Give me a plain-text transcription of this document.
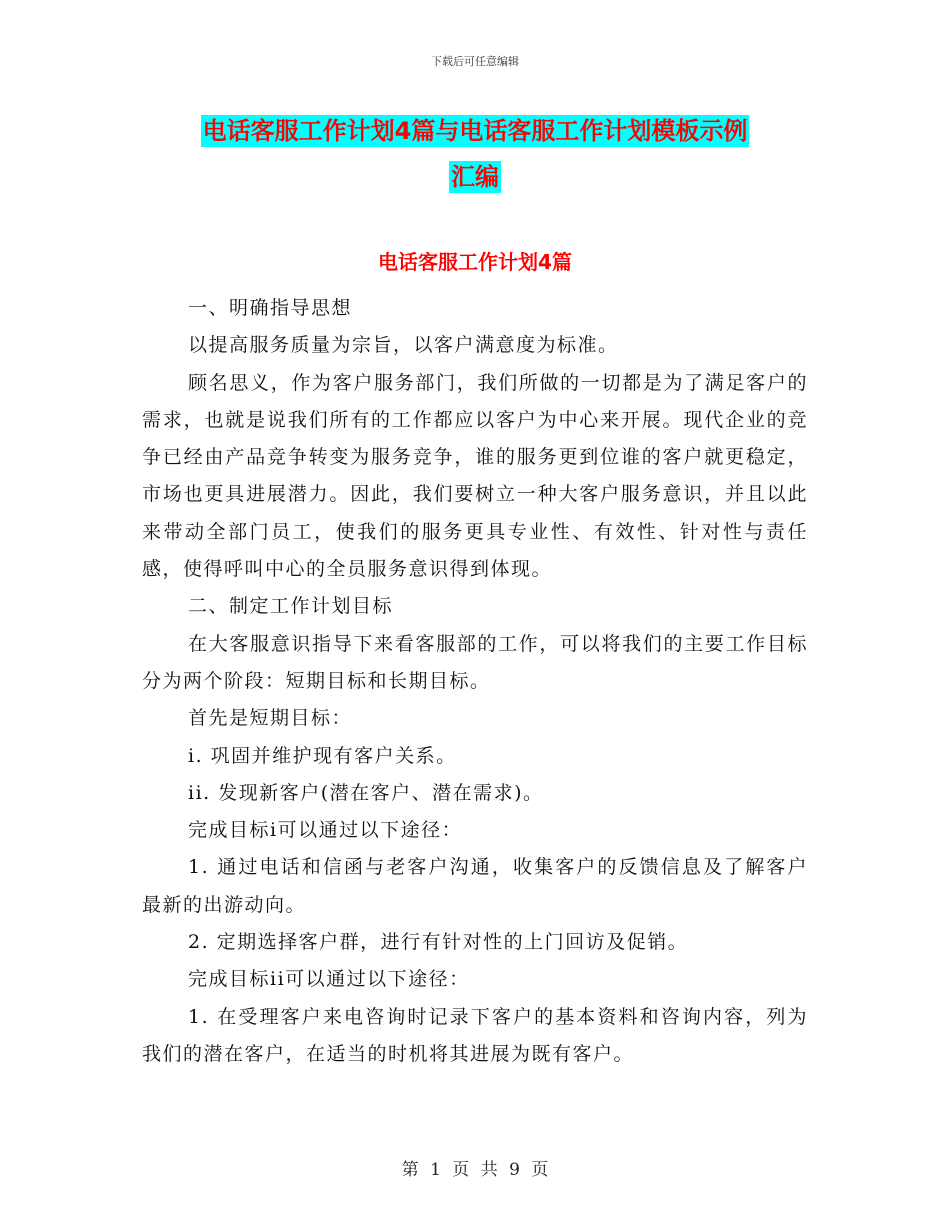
下载后可任意编辑
电话客服工作计划4篇与电话客服工作计划模板示例
汇编
电话客服工作计划4篇

一、明确指导思想

以提高服务质量为宗旨，以客户满意度为标准。

顾名思义，作为客户服务部门，我们所做的一切都是为了满足客户的需求，也就是说我们所有的工作都应以客户为中心来开展。现代企业的竞争已经由产品竞争转变为服务竞争，谁的服务更到位谁的客户就更稳定，市场也更具进展潜力。因此，我们要树立一种大客户服务意识，并且以此来带动全部门员工，使我们的服务更具专业性、有效性、针对性与责任感，使得呼叫中心的全员服务意识得到体现。

二、制定工作计划目标

在大客服意识指导下来看客服部的工作，可以将我们的主要工作目标分为两个阶段：短期目标和长期目标。

首先是短期目标：

i. 巩固并维护现有客户关系。

ii. 发现新客户(潜在客户、潜在需求)。

完成目标i可以通过以下途径：

1. 通过电话和信函与老客户沟通，收集客户的反馈信息及了解客户最新的出游动向。

2. 定期选择客户群，进行有针对性的上门回访及促销。

完成目标ii可以通过以下途径：

1. 在受理客户来电咨询时记录下客户的基本资料和咨询内容，列为我们的潜在客户，在适当的时机将其进展为既有客户。

第 1 页 共 9 页
